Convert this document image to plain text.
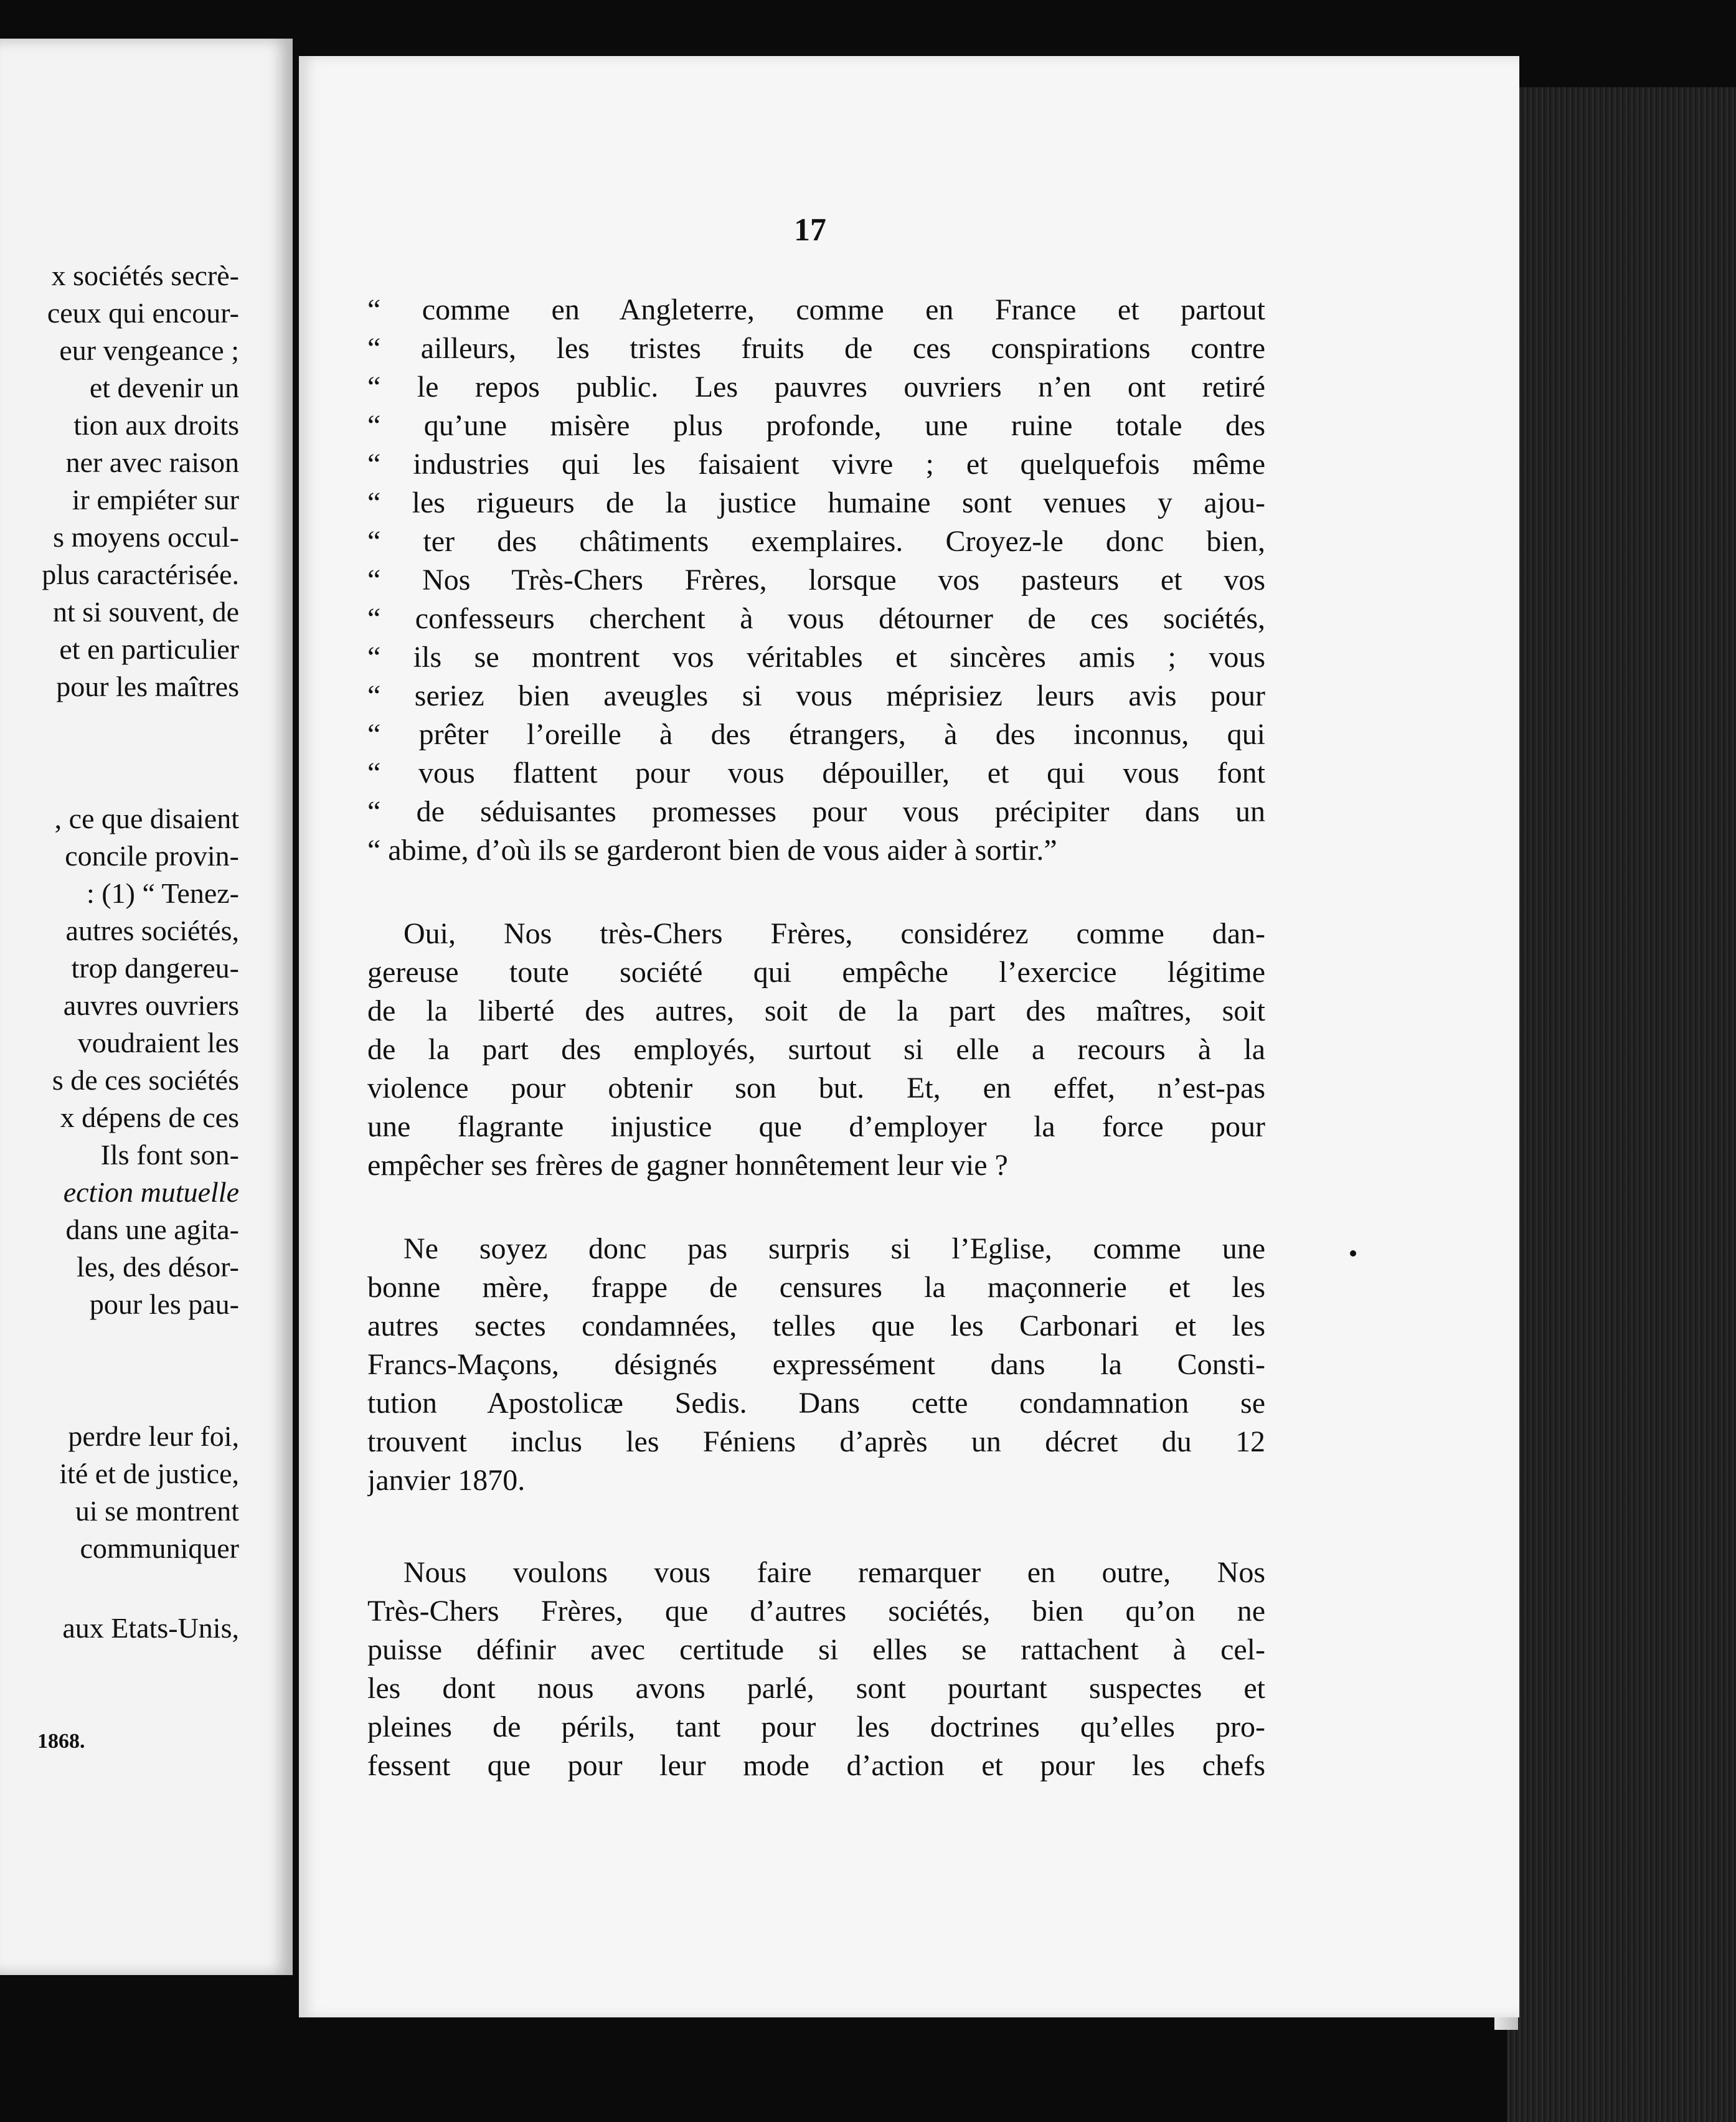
x sociétés secrè-
ceux qui encour-
eur vengeance ;
et devenir un
tion aux droits
ner avec raison
ir empiéter sur
s moyens occul-
plus caractérisée.
nt si souvent, de
et en particulier
pour les maîtres
, ce que disaient
concile provin-
: (1) “ Tenez-
autres sociétés,
trop dangereu-
auvres ouvriers
voudraient les
s de ces sociétés
x dépens de ces
Ils font son-
ection mutuelle
dans une agita-
les, des désor-
pour les pau-
perdre leur foi,
ité et de justice,
ui se montrent
communiquer
aux Etats-Unis,
1868.
17
“ comme en Angleterre, comme en France et partout
“ ailleurs, les tristes fruits de ces conspirations contre
“ le repos public. Les pauvres ouvriers n’en ont retiré
“ qu’une misère plus profonde, une ruine totale des
“ industries qui les faisaient vivre ; et quelquefois même
“ les rigueurs de la justice humaine sont venues y ajou-
“ ter des châtiments exemplaires. Croyez-le donc bien,
“ Nos Très-Chers Frères, lorsque vos pasteurs et vos
“ confesseurs cherchent à vous détourner de ces sociétés,
“ ils se montrent vos véritables et sincères amis ; vous
“ seriez bien aveugles si vous méprisiez leurs avis pour
“ prêter l’oreille à des étrangers, à des inconnus, qui
“ vous flattent pour vous dépouiller, et qui vous font
“ de séduisantes promesses pour vous précipiter dans un
“ abime, d’où ils se garderont bien de vous aider à sortir.”
Oui, Nos très-Chers Frères, considérez comme dan-
gereuse toute société qui empêche l’exercice légitime
de la liberté des autres, soit de la part des maîtres, soit
de la part des employés, surtout si elle a recours à la
violence pour obtenir son but. Et, en effet, n’est-pas
une flagrante injustice que d’employer la force pour
empêcher ses frères de gagner honnêtement leur vie ?
Ne soyez donc pas surpris si l’Eglise, comme une
bonne mère, frappe de censures la maçonnerie et les
autres sectes condamnées, telles que les Carbonari et les
Francs-Maçons, désignés expressément dans la Consti-
tution Apostolicæ Sedis. Dans cette condamnation se
trouvent inclus les Féniens d’après un décret du 12
janvier 1870.
Nous voulons vous faire remarquer en outre, Nos
Très-Chers Frères, que d’autres sociétés, bien qu’on ne
puisse définir avec certitude si elles se rattachent à cel-
les dont nous avons parlé, sont pourtant suspectes et
pleines de périls, tant pour les doctrines qu’elles pro-
fessent que pour leur mode d’action et pour les chefs
